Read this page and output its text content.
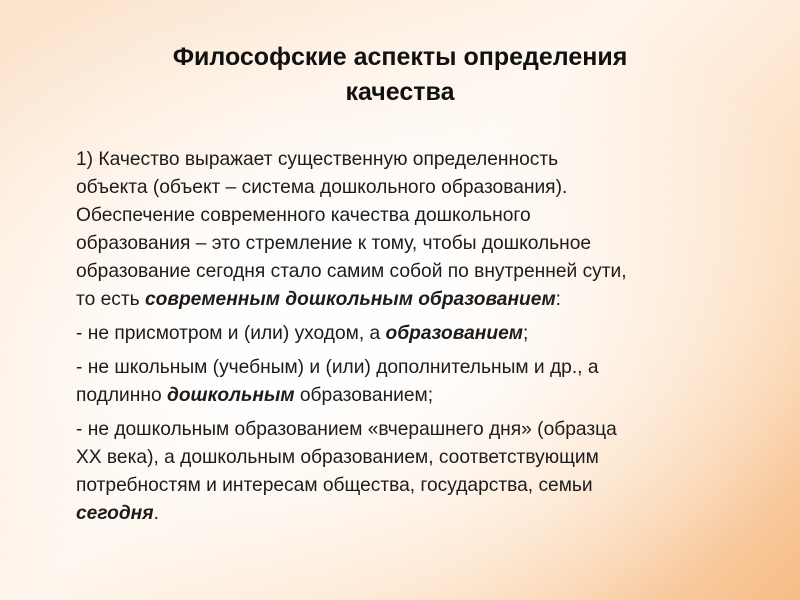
Философские аспекты определения
качества

1) Качество выражает существенную определенность
объекта (объект – система дошкольного образования).
Обеспечение современного качества дошкольного
образования – это стремление к тому, чтобы дошкольное
образование сегодня стало самим собой по внутренней сути,
то есть современным дошкольным образованием:

- не присмотром и (или) уходом, а образованием;

- не школьным (учебным) и (или) дополнительным и др., а
подлинно дошкольным образованием;

- не дошкольным образованием «вчерашнего дня» (образца
ХХ века), а дошкольным образованием, соответствующим
потребностям и интересам общества, государства, семьи
сегодня.
